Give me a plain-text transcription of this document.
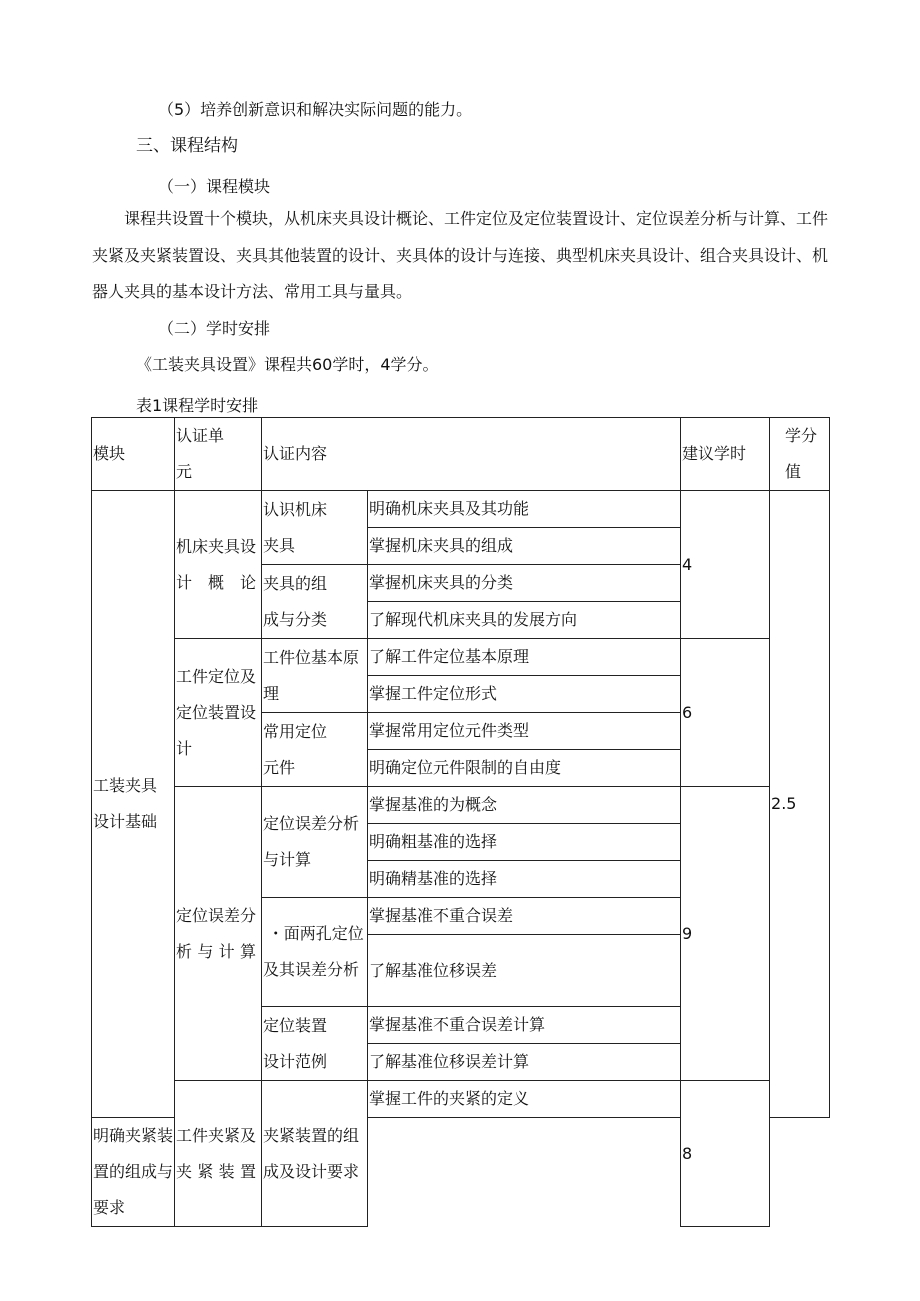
（5）培养创新意识和解决实际问题的能力。
三、课程结构
（一）课程模块
课程共设置十个模块，从机床夹具设计概论、工件定位及定位装置设计、定位误差分析与计算、工件夹紧及夹紧装置设、夹具其他装置的设计、夹具体的设计与连接、典型机床夹具设计、组合夹具设计、机器人夹具的基本设计方法、常用工具与量具。
（二）学时安排
《工装夹具设置》课程共60学时，4学分。
表1课程学时安排
模块	认证单元	认证内容		建议学时	学分值

工装夹具设计基础	机床夹具设计概论	认识机床夹具	明确机床夹具及其功能	4	2.5
			掌握机床夹具的组成		

		夹具的组成与分类	掌握机床夹具的分类		
			了解现代机床夹具的发展方向		

	工件定位及定位装置设计	工件位基本原理	了解工件定位基本原理	6	
			掌握工件定位形式		

		常用定位元件	掌握常用定位元件类型		
			明确定位元件限制的自由度		

	定位误差分析与计算	定位误差分析与计算	掌握基准的为概念	9	
			明确粗基准的选择		
			明确精基准的选择		

		・面两孔定位及其误差分析	掌握基准不重合误差		
			了解基准位移误差		

		定位装置设计范例	掌握基准不重合误差计算		
			了解基准位移误差计算		

	工件夹紧及夹紧装置	夹紧装置的组成及设计要求	掌握工件的夹紧的定义	8	
明确夹紧装置的组成与要求					
